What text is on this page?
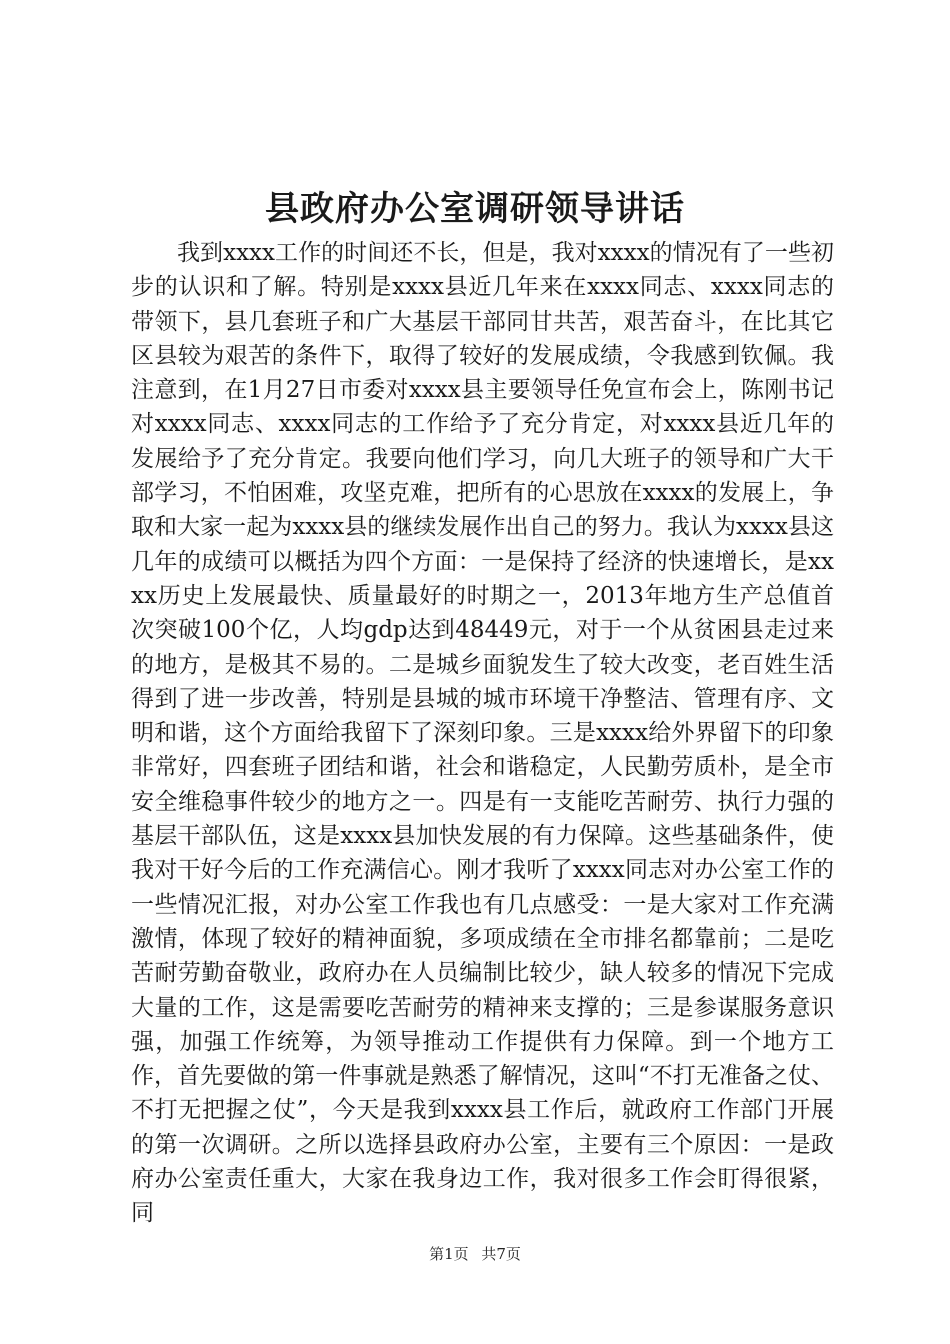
县政府办公室调研领导讲话

我到xxxx工作的时间还不长，但是，我对xxxx的情况有了一些初步的认识和了解。特别是xxxx县近几年来在xxxx同志、xxxx同志的带领下，县几套班子和广大基层干部同甘共苦，艰苦奋斗，在比其它区县较为艰苦的条件下，取得了较好的发展成绩，令我感到钦佩。我注意到，在1月27日市委对xxxx县主要领导任免宣布会上，陈刚书记对xxxx同志、xxxx同志的工作给予了充分肯定，对xxxx县近几年的发展给予了充分肯定。我要向他们学习，向几大班子的领导和广大干部学习，不怕困难，攻坚克难，把所有的心思放在xxxx的发展上，争取和大家一起为xxxx县的继续发展作出自己的努力。我认为xxxx县这几年的成绩可以概括为四个方面：一是保持了经济的快速增长，是xxxx历史上发展最快、质量最好的时期之一，2013年地方生产总值首次突破100个亿，人均gdp达到48449元，对于一个从贫困县走过来的地方，是极其不易的。二是城乡面貌发生了较大改变，老百姓生活得到了进一步改善，特别是县城的城市环境干净整洁、管理有序、文明和谐，这个方面给我留下了深刻印象。三是xxxx给外界留下的印象非常好，四套班子团结和谐，社会和谐稳定，人民勤劳质朴，是全市安全维稳事件较少的地方之一。四是有一支能吃苦耐劳、执行力强的基层干部队伍，这是xxxx县加快发展的有力保障。这些基础条件，使我对干好今后的工作充满信心。刚才我听了xxxx同志对办公室工作的一些情况汇报，对办公室工作我也有几点感受：一是大家对工作充满激情，体现了较好的精神面貌，多项成绩在全市排名都靠前；二是吃苦耐劳勤奋敬业，政府办在人员编制比较少，缺人较多的情况下完成大量的工作，这是需要吃苦耐劳的精神来支撑的；三是参谋服务意识强，加强工作统筹，为领导推动工作提供有力保障。到一个地方工作，首先要做的第一件事就是熟悉了解情况，这叫“不打无准备之仗、不打无把握之仗”，今天是我到xxxx县工作后，就政府工作部门开展的第一次调研。之所以选择县政府办公室，主要有三个原因：一是政府办公室责任重大，大家在我身边工作，我对很多工作会盯得很紧，同

第1页 共7页
